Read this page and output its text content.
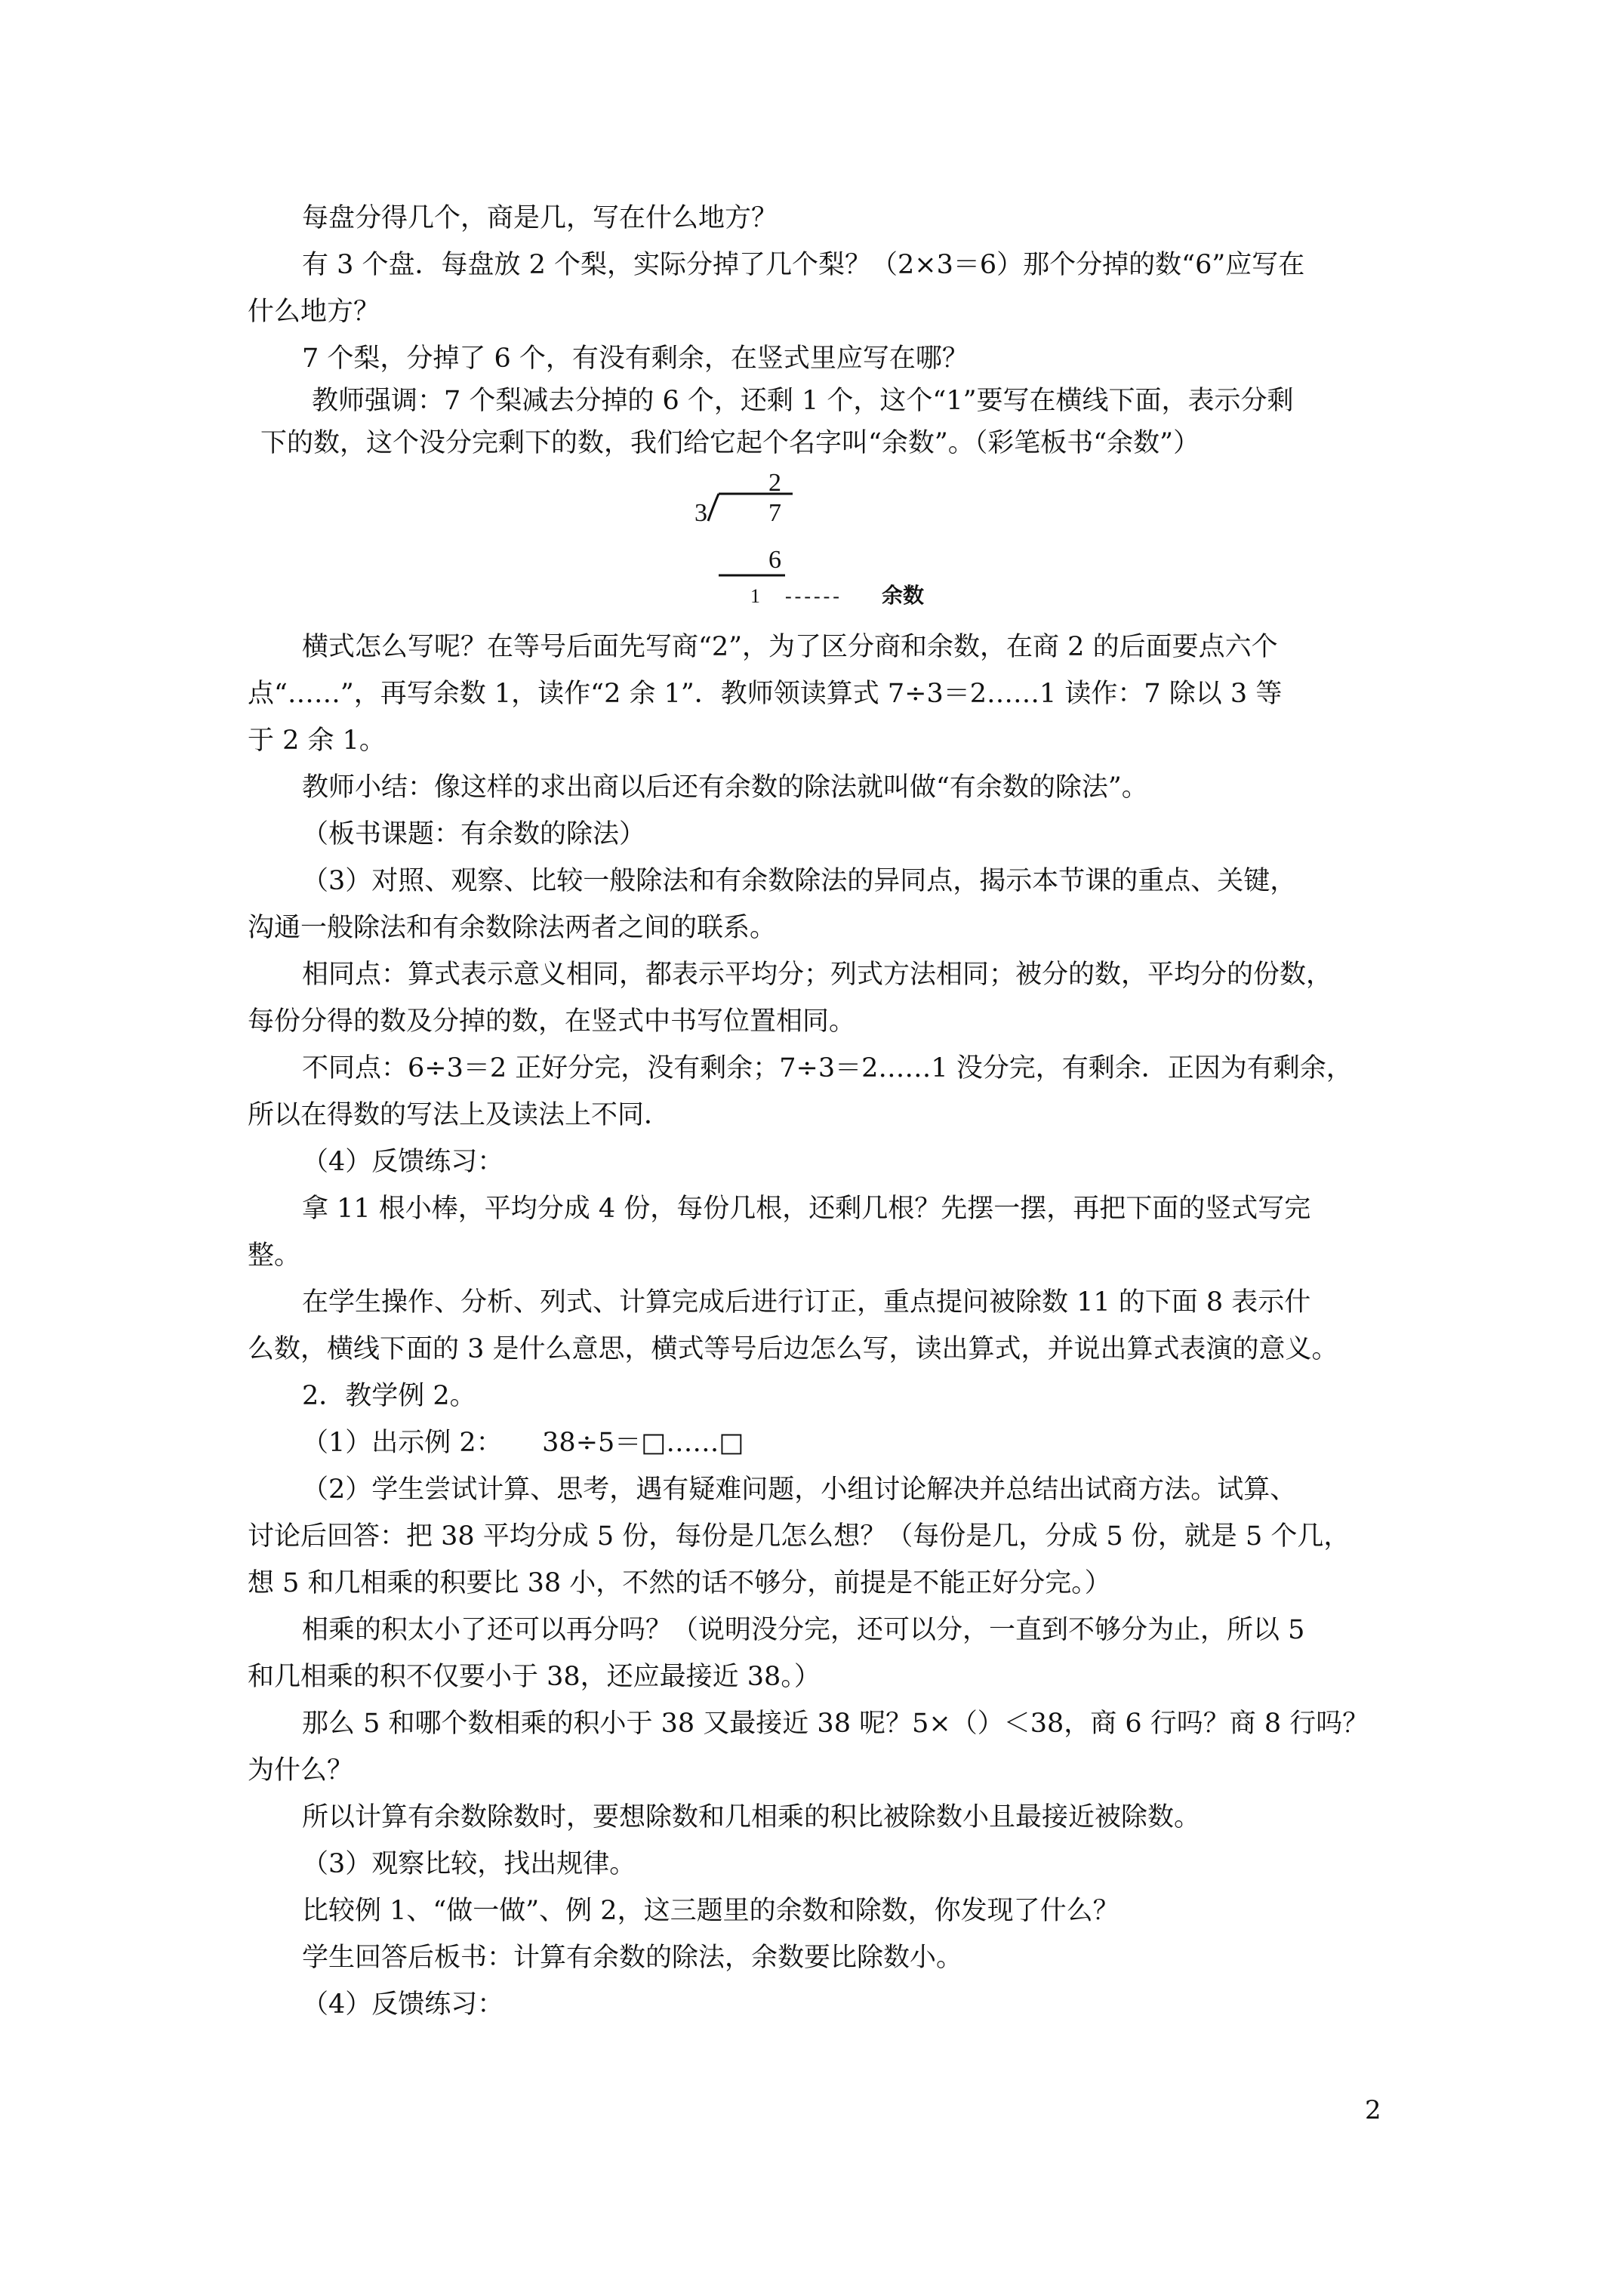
每盘分得几个，商是几，写在什么地方？

有 3 个盘．每盘放 2 个梨，实际分掉了几个梨？（2×3＝6）那个分掉的数“6”应写在

什么地方？

7 个梨，分掉了 6 个，有没有剩余，在竖式里应写在哪？

教师强调：7 个梨减去分掉的 6 个，还剩 1 个，这个“1”要写在横线下面，表示分剩

下的数，这个没分完剩下的数，我们给它起个名字叫“余数”。（彩笔板书“余数”）

2
3 7
6
1 ------ 余数

横式怎么写呢？在等号后面先写商“2”，为了区分商和余数，在商 2 的后面要点六个

点“……”，再写余数 1，读作“2 余 1”．教师领读算式 7÷3＝2……1 读作：7 除以 3 等

于 2 余 1。

教师小结：像这样的求出商以后还有余数的除法就叫做“有余数的除法”。

（板书课题：有余数的除法）

（3）对照、观察、比较一般除法和有余数除法的异同点，揭示本节课的重点、关键，

沟通一般除法和有余数除法两者之间的联系。

相同点：算式表示意义相同，都表示平均分；列式方法相同；被分的数，平均分的份数，

每份分得的数及分掉的数，在竖式中书写位置相同。

不同点：6÷3＝2 正好分完，没有剩余；7÷3＝2……1 没分完，有剩余．正因为有剩余，

所以在得数的写法上及读法上不同．

（4）反馈练习：

拿 11 根小棒，平均分成 4 份，每份几根，还剩几根？先摆一摆，再把下面的竖式写完

整。

在学生操作、分析、列式、计算完成后进行订正，重点提问被除数 11 的下面 8 表示什

么数，横线下面的 3 是什么意思，横式等号后边怎么写，读出算式，并说出算式表演的意义。

2．教学例 2。

（1）出示例 2：　　38÷5＝□……□

（2）学生尝试计算、思考，遇有疑难问题，小组讨论解决并总结出试商方法。试算、

讨论后回答：把 38 平均分成 5 份，每份是几怎么想？（每份是几，分成 5 份，就是 5 个几，

想 5 和几相乘的积要比 38 小，不然的话不够分，前提是不能正好分完。）

相乘的积太小了还可以再分吗？（说明没分完，还可以分，一直到不够分为止，所以 5

和几相乘的积不仅要小于 38，还应最接近 38。）

那么 5 和哪个数相乘的积小于 38 又最接近 38 呢？5×（）＜38，商 6 行吗？商 8 行吗？

为什么？

所以计算有余数除数时，要想除数和几相乘的积比被除数小且最接近被除数。

（3）观察比较，找出规律。

比较例 1、“做一做”、例 2，这三题里的余数和除数，你发现了什么？

学生回答后板书：计算有余数的除法，余数要比除数小。

（4）反馈练习：

2
